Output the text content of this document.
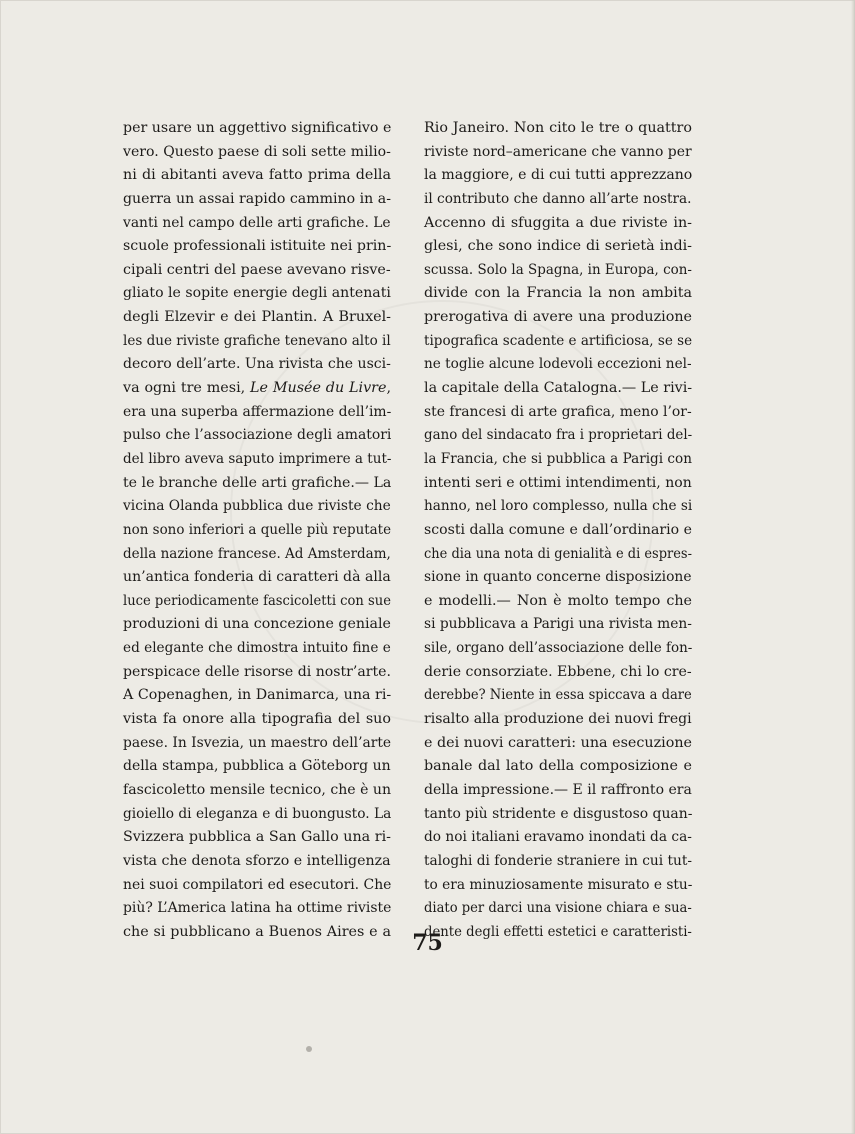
per usare un aggettivo significativo e
vero. Questo paese di soli sette milio-
ni di abitanti aveva fatto prima della
guerra un assai rapido cammino in a-
vanti nel campo delle arti grafiche. Le
scuole professionali istituite nei prin-
cipali centri del paese avevano risve-
gliato le sopite energie degli antenati
degli Elzevir e dei Plantin. A Bruxel-
les due riviste grafiche tenevano alto il
decoro dell’arte. Una rivista che usci-
va ogni tre mesi, Le Musée du Livre,
era una superba affermazione dell’im-
pulso che l’associazione degli amatori
del libro aveva saputo imprimere a tut-
te le branche delle arti grafiche.— La
vicina Olanda pubblica due riviste che
non sono inferiori a quelle più reputate
della nazione francese. Ad Amsterdam,
un’antica fonderia di caratteri dà alla
luce periodicamente fascicoletti con sue
produzioni di una concezione geniale
ed elegante che dimostra intuito fine e
perspicace delle risorse di nostr’arte.
A Copenaghen, in Danimarca, una ri-
vista fa onore alla tipografia del suo
paese. In Isvezia, un maestro dell’arte
della stampa, pubblica a Göteborg un
fascicoletto mensile tecnico, che è un
gioiello di eleganza e di buongusto. La
Svizzera pubblica a San Gallo una ri-
vista che denota sforzo e intelligenza
nei suoi compilatori ed esecutori. Che
più? L’America latina ha ottime riviste
che si pubblicano a Buenos Aires e a
Rio Janeiro. Non cito le tre o quattro
riviste nord–americane che vanno per
la maggiore, e di cui tutti apprezzano
il contributo che danno all’arte nostra.
Accenno di sfuggita a due riviste in-
glesi, che sono indice di serietà indi-
scussa. Solo la Spagna, in Europa, con-
divide con la Francia la non ambita
prerogativa di avere una produzione
tipografica scadente e artificiosa, se se
ne toglie alcune lodevoli eccezioni nel-
la capitale della Catalogna.— Le rivi-
ste francesi di arte grafica, meno l’or-
gano del sindacato fra i proprietari del-
la Francia, che si pubblica a Parigi con
intenti seri e ottimi intendimenti, non
hanno, nel loro complesso, nulla che si
scosti dalla comune e dall’ordinario e
che dia una nota di genialità e di espres-
sione in quanto concerne disposizione
e modelli.— Non è molto tempo che
si pubblicava a Parigi una rivista men-
sile, organo dell’associazione delle fon-
derie consorziate. Ebbene, chi lo cre-
derebbe? Niente in essa spiccava a dare
risalto alla produzione dei nuovi fregi
e dei nuovi caratteri: una esecuzione
banale dal lato della composizione e
della impressione.— E il raffronto era
tanto più stridente e disgustoso quan-
do noi italiani eravamo inondati da ca-
taloghi di fonderie straniere in cui tut-
to era minuziosamente misurato e stu-
diato per darci una visione chiara e sua-
dente degli effetti estetici e caratteristi-
75
